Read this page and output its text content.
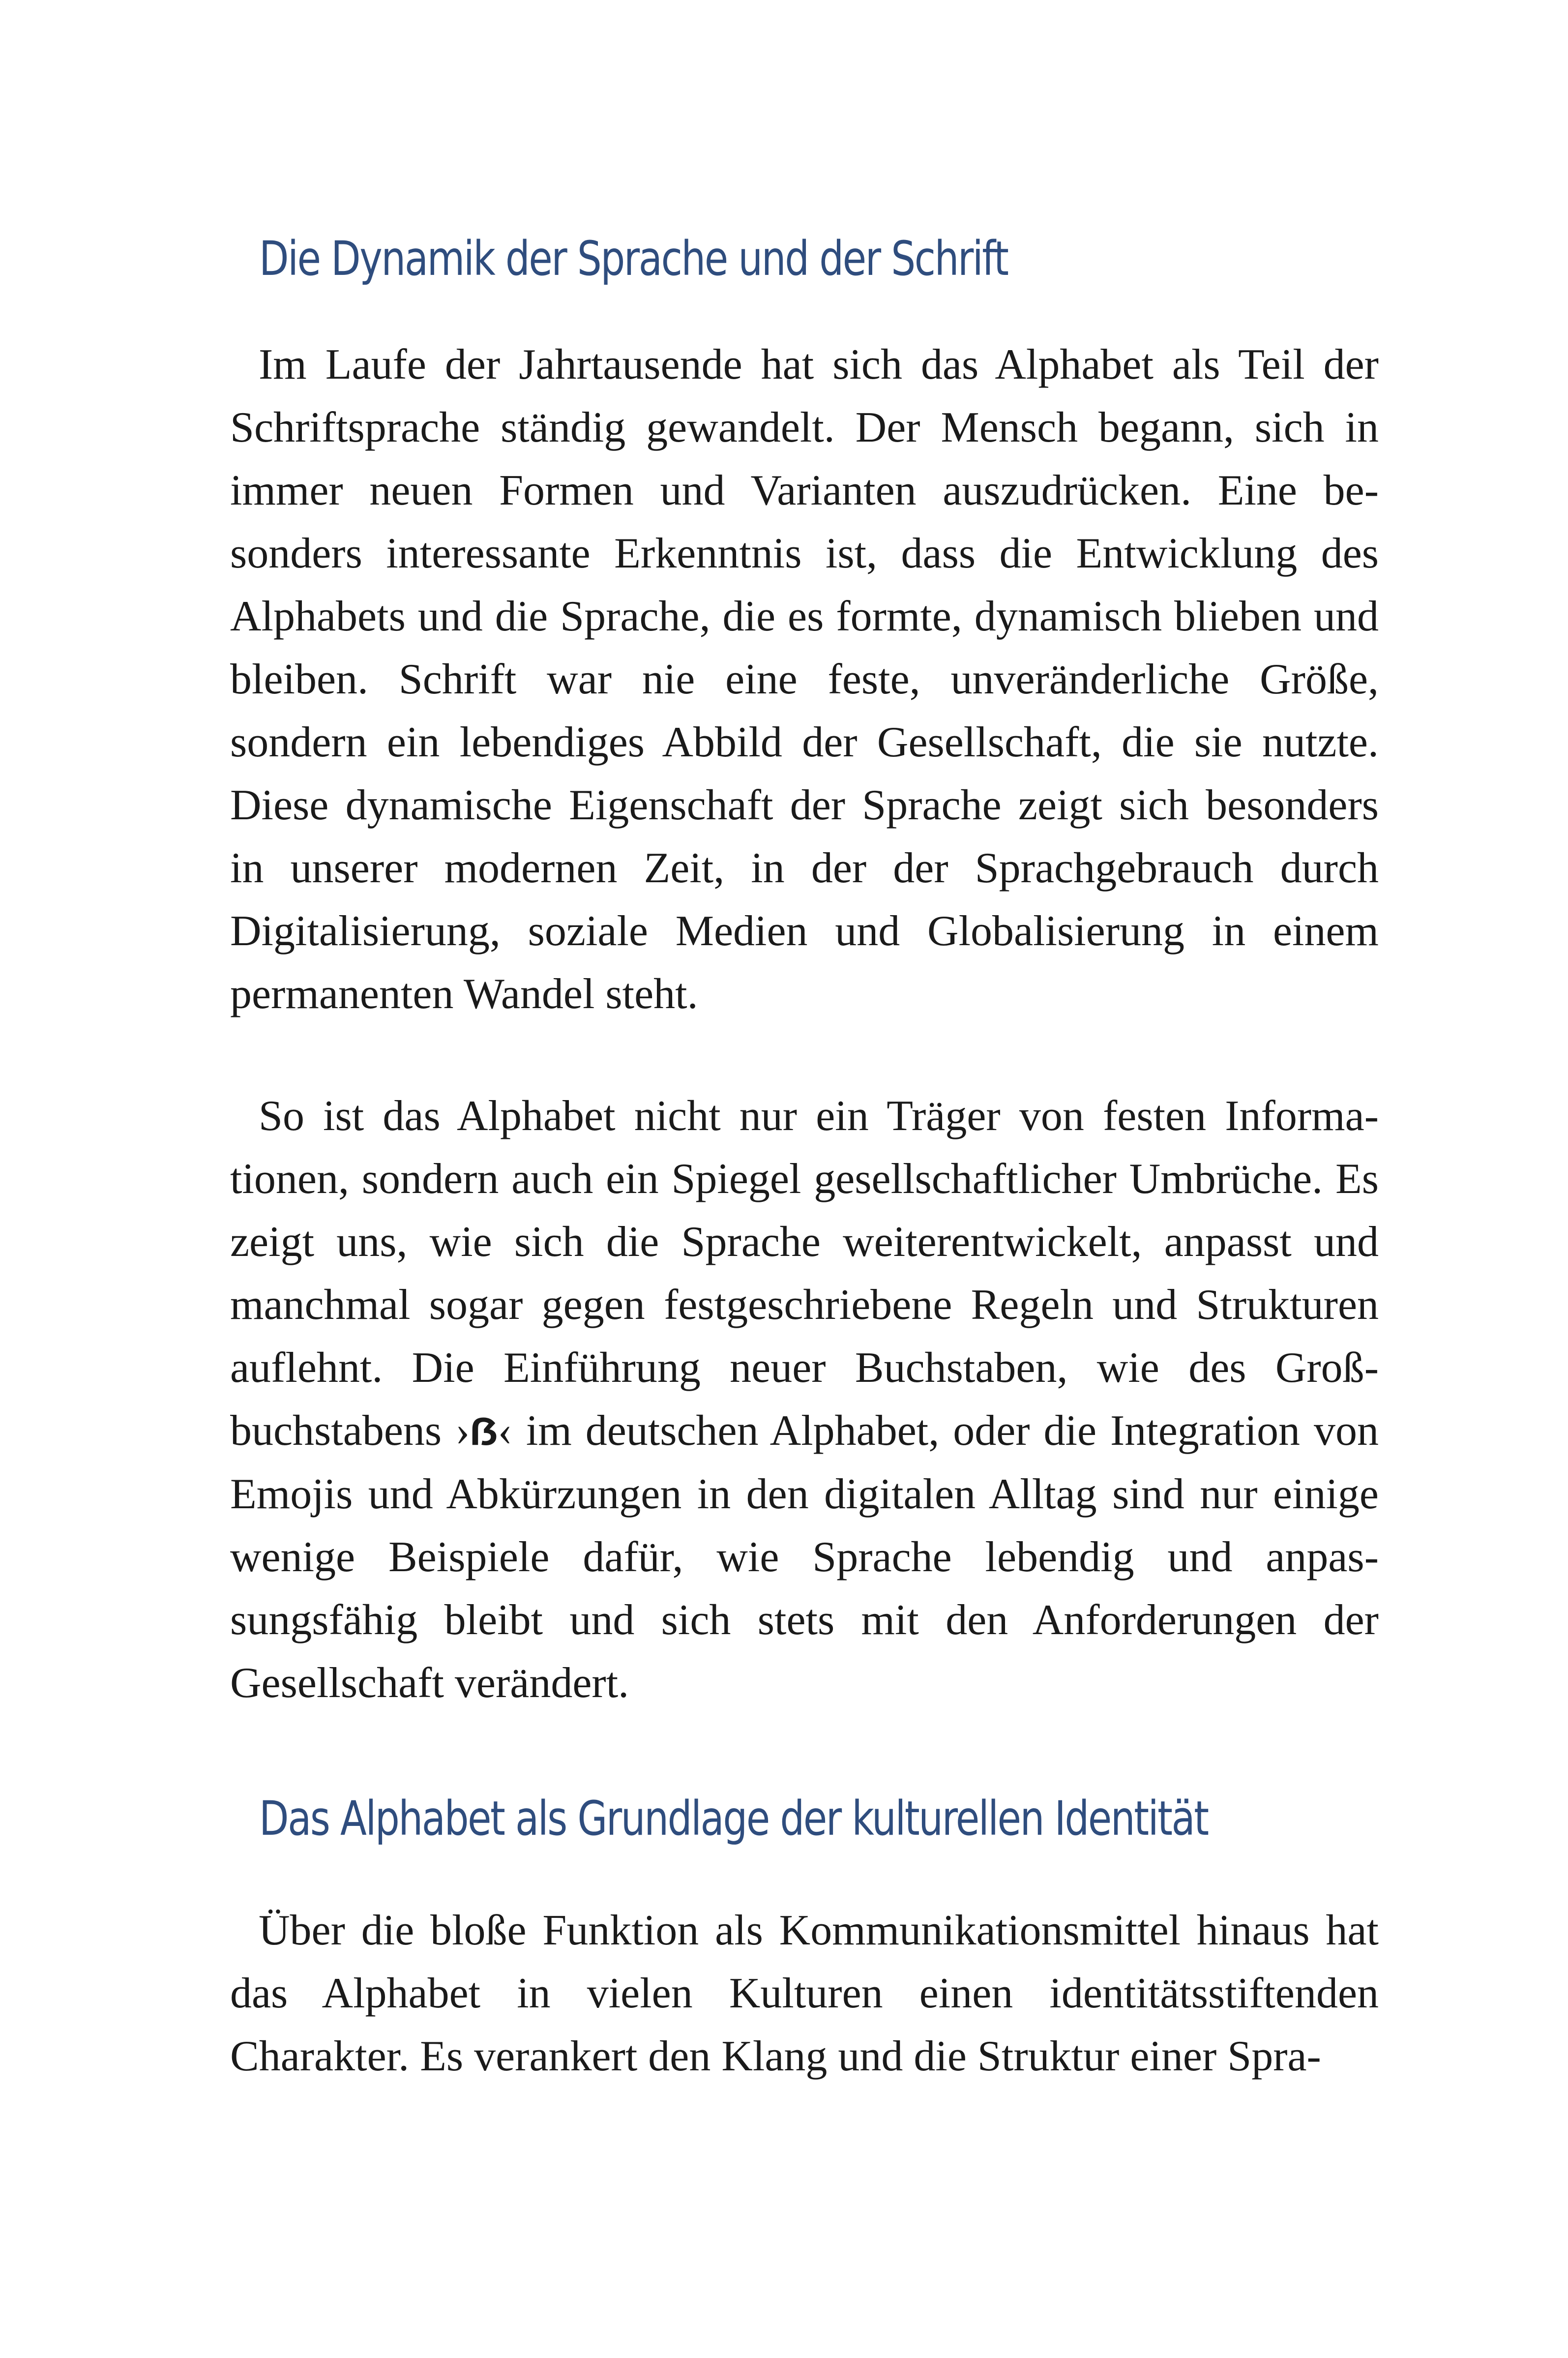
Die Dynamik der Sprache und der Schrift

Im Laufe der Jahrtausende hat sich das Alphabet als Teil der Schriftsprache ständig gewandelt. Der Mensch begann, sich in immer neuen Formen und Varianten auszudrücken. Eine besonders interessante Erkenntnis ist, dass die Entwicklung des Alphabets und die Sprache, die es formte, dynamisch blieben und bleiben. Schrift war nie eine feste, unveränderliche Größe, sondern ein lebendiges Abbild der Gesellschaft, die sie nutzte. Diese dynamische Eigenschaft der Sprache zeigt sich besonders in unserer modernen Zeit, in der der Sprachgebrauch durch Digitalisierung, soziale Medien und Globalisierung in einem permanenten Wandel steht.

So ist das Alphabet nicht nur ein Träger von festen Informationen, sondern auch ein Spiegel gesellschaftlicher Umbrüche. Es zeigt uns, wie sich die Sprache weiterentwickelt, anpasst und manchmal sogar gegen festgeschriebene Regeln und Strukturen auflehnt. Die Einführung neuer Buchstaben, wie des Großbuchstabens ›ẞ‹ im deutschen Alphabet, oder die Integration von Emojis und Abkürzungen in den digitalen Alltag sind nur einige wenige Beispiele dafür, wie Sprache lebendig und anpassungsfähig bleibt und sich stets mit den Anforderungen der Gesellschaft verändert.

Das Alphabet als Grundlage der kulturellen Identität

Über die bloße Funktion als Kommunikationsmittel hinaus hat das Alphabet in vielen Kulturen einen identitätsstiftenden Charakter. Es verankert den Klang und die Struktur einer Spra-
